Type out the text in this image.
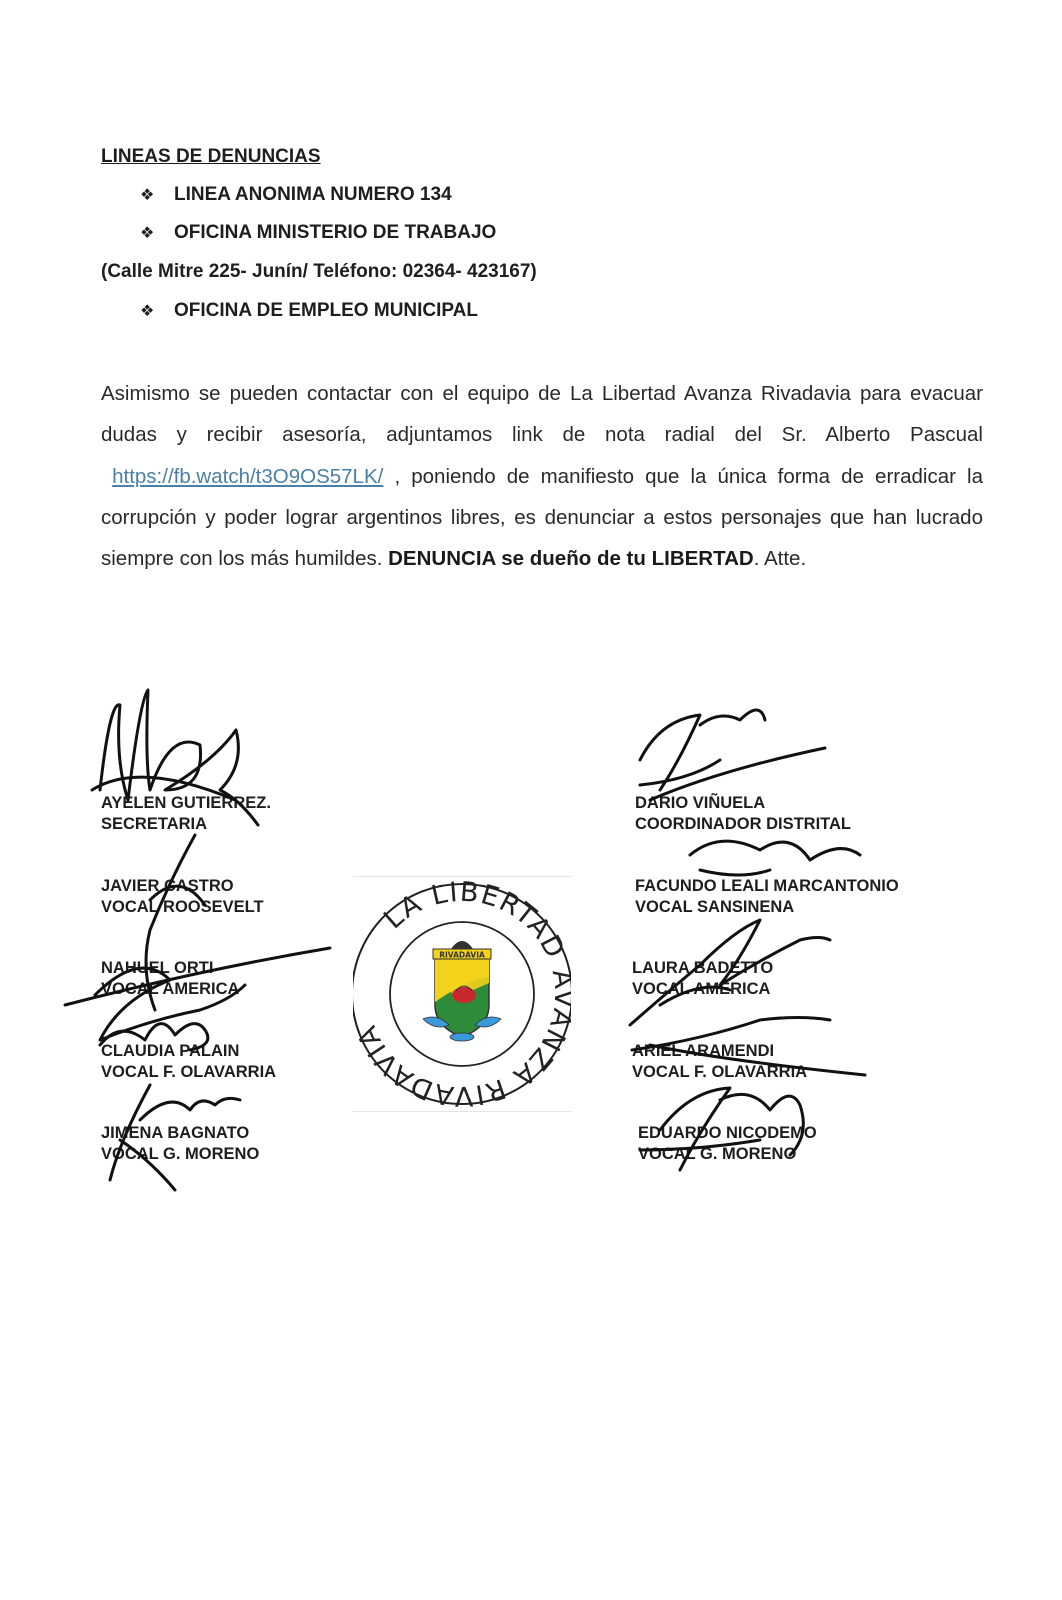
LINEAS DE DENUNCIAS
❖ LINEA ANONIMA NUMERO 134
❖ OFICINA MINISTERIO DE TRABAJO
(Calle Mitre 225- Junín/ Teléfono: 02364- 423167)
❖ OFICINA DE EMPLEO MUNICIPAL
Asimismo se pueden contactar con el equipo de La Libertad Avanza Rivadavia para evacuar dudas y recibir asesoría, adjuntamos link de nota radial del Sr. Alberto Pascual  https://fb.watch/t3O9OS57LK/ , poniendo de manifiesto que la única forma de erradicar la corrupción y poder lograr argentinos libres, es denunciar a estos personajes que han lucrado siempre con los más humildes. DENUNCIA se dueño de tu LIBERTAD. Atte.
AYELEN GUTIERREZ.
SECRETARIA
JAVIER CASTRO
VOCAL ROOSEVELT
NAHUEL ORTI
VOCAL AMERICA
CLAUDIA PALAIN
VOCAL F. OLAVARRIA
JIMENA BAGNATO
VOCAL G. MORENO
DARIO VIÑUELA
COORDINADOR DISTRITAL
FACUNDO LEALI MARCANTONIO
VOCAL SANSINENA
LAURA BADETTO
VOCAL AMERICA
ARIEL ARAMENDI
VOCAL F. OLAVARRIA
EDUARDO NICODEMO
VOCAL G. MORENO
LA LIBERTAD NZA RIVADAVIA
RIVADAVIA
